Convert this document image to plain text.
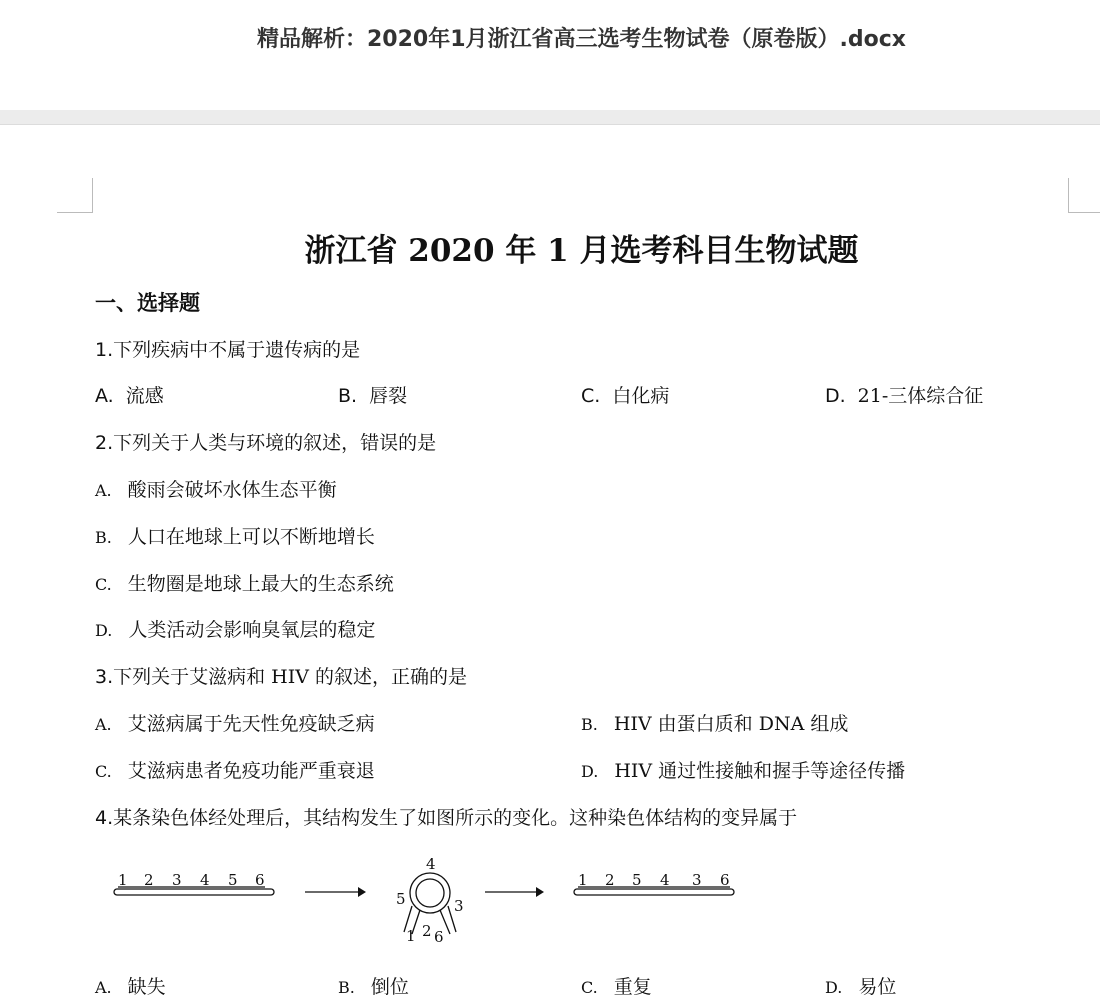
精品解析：2020年1月浙江省高三选考生物试卷（原卷版）.docx
浙江省 2020 年 1 月选考科目生物试题
一、选择题
1.下列疾病中不属于遗传病的是
A. 流感	B. 唇裂	C. 白化病	D. 21-三体综合征
2.下列关于人类与环境的叙述，错误的是
A. 酸雨会破坏水体生态平衡
B. 人口在地球上可以不断地增长
C. 生物圈是地球上最大的生态系统
D. 人类活动会影响臭氧层的稳定
3.下列关于艾滋病和 HIV 的叙述，正确的是
A. 艾滋病属于先天性免疫缺乏病	B. HIV 由蛋白质和 DNA 组成
C. 艾滋病患者免疫功能严重衰退	D. HIV 通过性接触和握手等途径传播
4.某条染色体经处理后，其结构发生了如图所示的变化。这种染色体结构的变异属于
1 2 3 4 5 6
4
5	3
1 2 6
1 2 5 4 3 6
A. 缺失	B. 倒位	C. 重复	D. 易位
